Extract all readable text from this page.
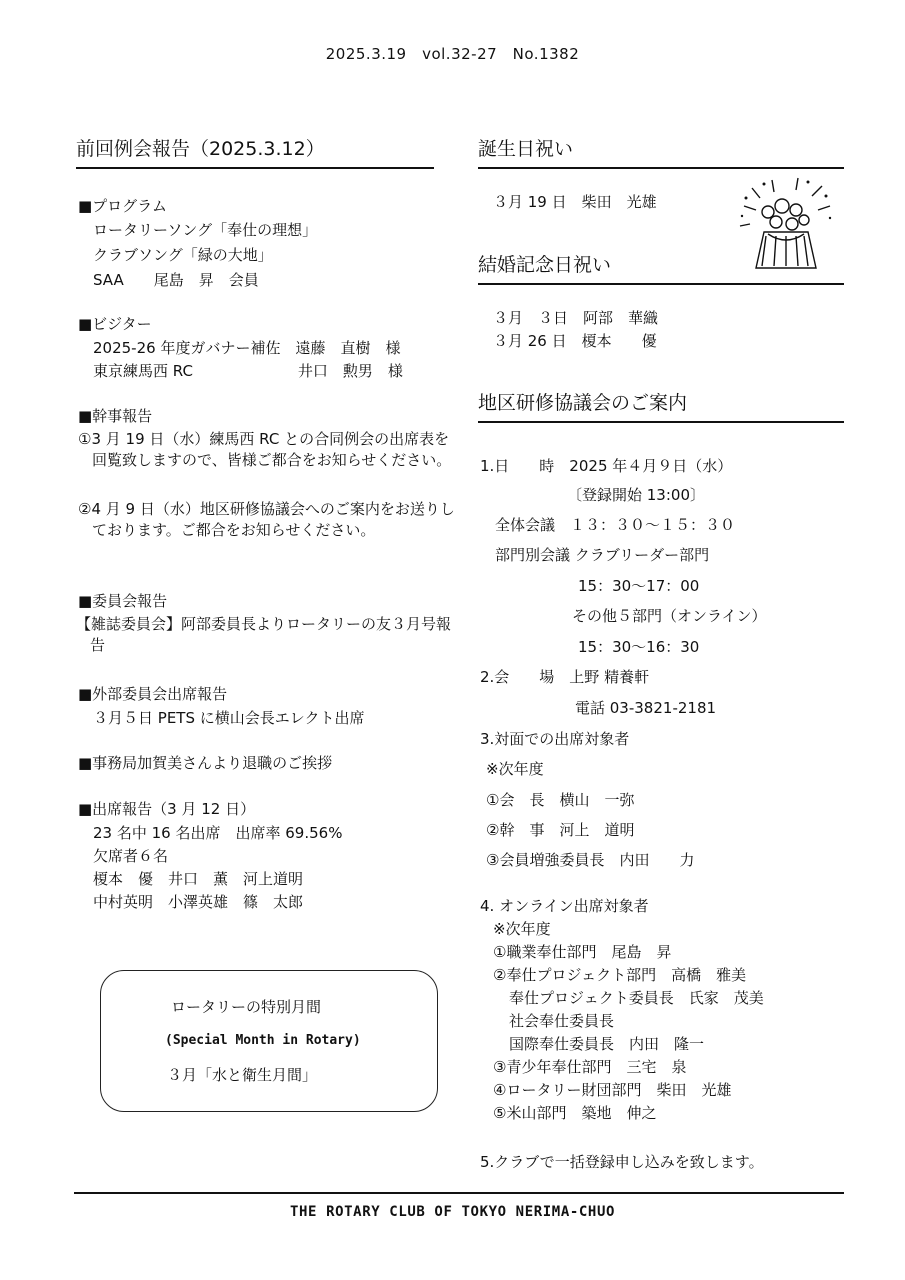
2025.3.19　vol.32-27　No.1382
前回例会報告（2025.3.12）
■プログラム
ロータリーソング「奉仕の理想」
クラブソング「緑の大地」
SAA　　尾島　昇　会員
■ビジター
2025-26 年度ガバナー補佐　遠藤　直樹　様
東京練馬西 RC　　　　　　　井口　勲男　様
■幹事報告
①3 月 19 日（水）練馬西 RC との合同例会の出席表を回覧致しますので、皆様ご都合をお知らせください。
②4 月 9 日（水）地区研修協議会へのご案内をお送りしております。ご都合をお知らせください。
■委員会報告
【雑誌委員会】阿部委員長よりロータリーの友３月号報告
■外部委員会出席報告
３月５日 PETS に横山会長エレクト出席
■事務局加賀美さんより退職のご挨拶
■出席報告（3 月 12 日）
23 名中 16 名出席　出席率 69.56%
欠席者６名
榎本　優　井口　薫　河上道明
中村英明　小澤英雄　篠　太郎
ロータリーの特別月間
(Special Month in Rotary)
３月「水と衛生月間」
誕生日祝い
３月 19 日　柴田　光雄
結婚記念日祝い
３月　３日　阿部　華織
３月 26 日　榎本　　優
地区研修協議会のご案内
1.日　　時　2025 年４月９日（水）
〔登録開始 13:00〕
全体会議　１３：３０～１５：３０
部門別会議 クラブリーダー部門
15：30～17：00
その他５部門（オンライン）
15：30～16：30
2.会　　場　上野 精養軒
電話 03-3821-2181
3.対面での出席対象者
※次年度
①会　長　横山　一弥
②幹　事　河上　道明
③会員増強委員長　内田　　力
4. オンライン出席対象者
※次年度
①職業奉仕部門　尾島　昇
②奉仕プロジェクト部門　高橋　雅美
奉仕プロジェクト委員長　氏家　茂美
社会奉仕委員長
国際奉仕委員長　内田　隆一
③青少年奉仕部門　三宅　泉
④ロータリー財団部門　柴田　光雄
⑤米山部門　築地　伸之
5.クラブで一括登録申し込みを致します。
THE ROTARY CLUB OF TOKYO NERIMA-CHUO
